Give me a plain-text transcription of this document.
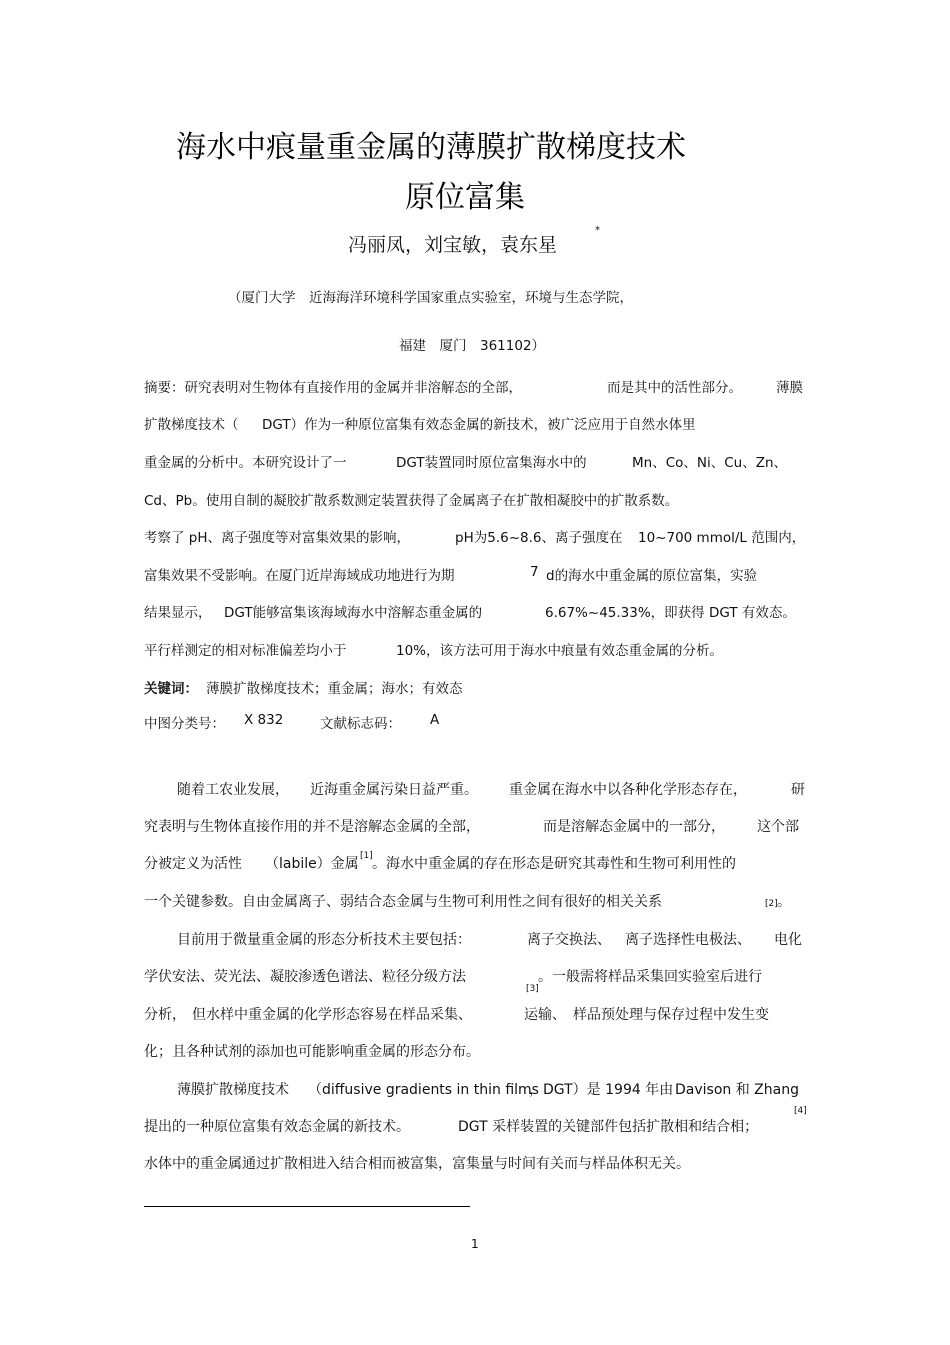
海水中痕量重金属的薄膜扩散梯度技术
原位富集
冯丽凤，刘宝敏，袁东星
*
（厦门大学　近海海洋环境科学国家重点实验室，环境与生态学院，
福建　厦门　361102）
摘要：研究表明对生物体有直接作用的金属并非溶解态的全部，	而是其中的活性部分。	薄膜
扩散梯度技术（ DGT）作为一种原位富集有效态金属的新技术，被广泛应用于自然水体里
重金属的分析中。本研究设计了一	DGT装置同时原位富集海水中的	Mn、Co、Ni、Cu、Zn、
Cd、Pb。使用自制的凝胶扩散系数测定装置获得了金属离子在扩散相凝胶中的扩散系数。
考察了 pH、离子强度等对富集效果的影响，	pH为5.6~8.6、离子强度在 10~700 mmol/L 范围内，
富集效果不受影响。在厦门近岸海域成功地进行为期	7 d的海水中重金属的原位富集，实验
结果显示， DGT能够富集该海域海水中溶解态重金属的	6.67%~45.33%，即获得 DGT 有效态。
平行样测定的相对标准偏差均小于	10%，该方法可用于海水中痕量有效态重金属的分析。
关键词： 薄膜扩散梯度技术；重金属；海水；有效态
中图分类号： X 832	文献标志码： A
随着工农业发展， 近海重金属污染日益严重。 重金属在海水中以各种化学形态存在，	研
究表明与生物体直接作用的并不是溶解态金属的全部，	而是溶解态金属中的一部分， 这个部
分被定义为活性 （labile）金属 [1] 。海水中重金属的存在形态是研究其毒性和生物可利用性的
一个关键参数。自由金属离子、弱结合态金属与生物可利用性之间有很好的相关关系	[2] 。
目前用于微量重金属的形态分析技术主要包括：	离子交换法、 离子选择性电极法、 电化
学伏安法、荧光法、凝胶渗透色谱法、粒径分级方法
[3]
。一般需将样品采集回实验室后进行
分析， 但水样中重金属的化学形态容易在样品采集、	运输、 样品预处理与保存过程中发生变
化；且各种试剂的添加也可能影响重金属的形态分布。
薄膜扩散梯度技术 （diffusive gradients in thin films
，DGT）是 1994 年由 Davison 和 Zhang
[4]
提出的一种原位富集有效态金属的新技术。	DGT 采样装置的关键部件包括扩散相和结合相；
水体中的重金属通过扩散相进入结合相而被富集，富集量与时间有关而与样品体积无关。
1
